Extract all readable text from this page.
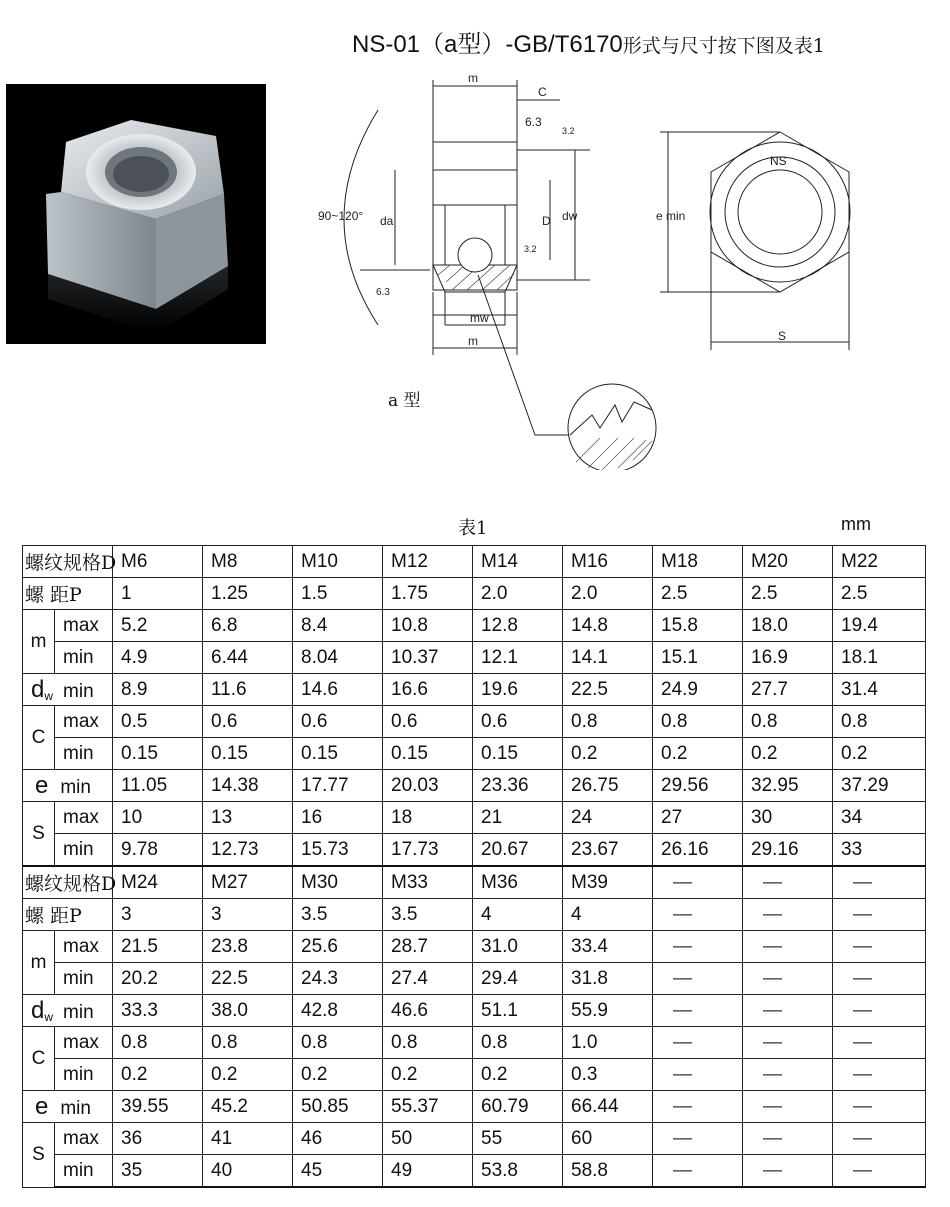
NS-01（a型）-GB/T6170形式与尺寸按下图及表1
m
C
6.3
3.2
da	D dw
3.2
90~120°
6.3
mw
m
e min
NS
S
a 型
表1	mm
螺纹规格D		M6	M8	M10	M12	M14	M16	M18	M20	M22
螺 距P		1	1.25	1.5	1.75	2.0	2.0	2.5	2.5	2.5
m	max	5.2	6.8	8.4	10.8	12.8	14.8	15.8	18.0	19.4
	min	4.9	6.44	8.04	10.37	12.1	14.1	15.1	16.9	18.1
dw min		8.9	11.6	14.6	16.6	19.6	22.5	24.9	27.7	31.4
C	max	0.5	0.6	0.6	0.6	0.6	0.8	0.8	0.8	0.8
	min	0.15	0.15	0.15	0.15	0.15	0.2	0.2	0.2	0.2
e min		11.05	14.38	17.77	20.03	23.36	26.75	29.56	32.95	37.29
S	max	10	13	16	18	21	24	27	30	34
	min	9.78	12.73	15.73	17.73	20.67	23.67	26.16	29.16	33
螺纹规格D		M24	M27	M30	M33	M36	M39	—	—	—
螺 距P		3	3	3.5	3.5	4	4	—	—	—
m	max	21.5	23.8	25.6	28.7	31.0	33.4	—	—	—
	min	20.2	22.5	24.3	27.4	29.4	31.8	—	—	—
dw min		33.3	38.0	42.8	46.6	51.1	55.9	—	—	—
C	max	0.8	0.8	0.8	0.8	0.8	1.0	—	—	—
	min	0.2	0.2	0.2	0.2	0.2	0.3	—	—	—
e min		39.55	45.2	50.85	55.37	60.79	66.44	—	—	—
S	max	36	41	46	50	55	60	—	—	—
	min	35	40	45	49	53.8	58.8	—	—	—
